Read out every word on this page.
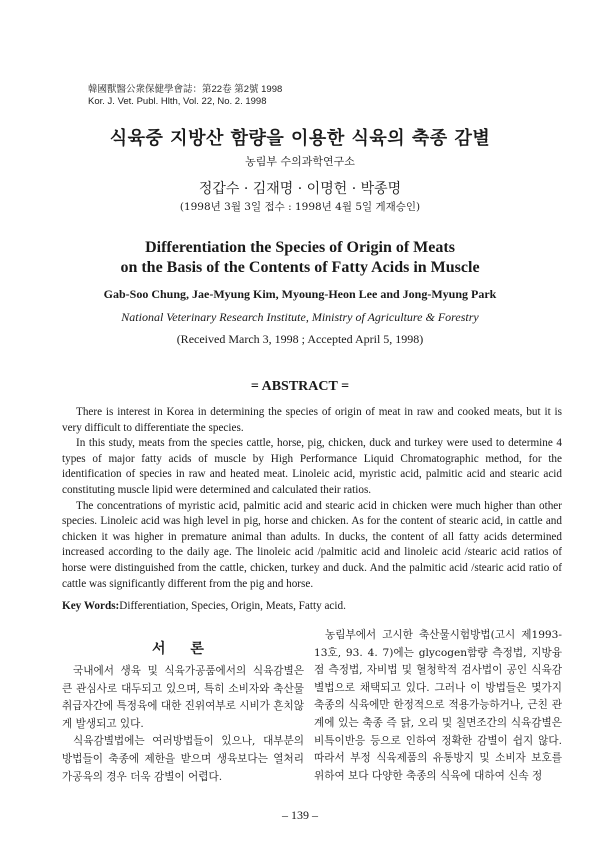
韓國獸醫公衆保健學會誌：第22卷 第2號 1998
Kor. J. Vet. Publ. Hlth, Vol. 22, No. 2. 1998
식육중 지방산 함량을 이용한 식육의 축종 감별
농림부 수의과학연구소
정갑수 · 김재명 · 이명헌 · 박종명
(1998년 3월 3일 접수 : 1998년 4월 5일 게재승인)
Differentiation the Species of Origin of Meats
on the Basis of the Contents of Fatty Acids in Muscle
Gab-Soo Chung, Jae-Myung Kim, Myoung-Heon Lee and Jong-Myung Park
National Veterinary Research Institute, Ministry of Agriculture & Forestry
(Received March 3, 1998 ; Accepted April 5, 1998)
= ABSTRACT =

There is interest in Korea in determining the species of origin of meat in raw and cooked meats, but it is very difficult to differentiate the species.

In this study, meats from the species cattle, horse, pig, chicken, duck and turkey were used to determine 4 types of major fatty acids of muscle by High Performance Liquid Chromatographic method, for the identification of species in raw and heated meat. Linoleic acid, myristic acid, palmitic acid and stearic acid constituting muscle lipid were determined and calculated their ratios.

The concentrations of myristic acid, palmitic acid and stearic acid in chicken were much higher than other species. Linoleic acid was high level in pig, horse and chicken. As for the content of stearic acid, in cattle and chicken it was higher in premature animal than adults. In ducks, the content of all fatty acids determined increased according to the daily age. The linoleic acid /palmitic acid and linoleic acid /stearic acid ratios of horse were distinguished from the cattle, chicken, turkey and duck. And the palmitic acid /stearic acid ratio of cattle was significantly different from the pig and horse.

Key Words:Differentiation, Species, Origin, Meats, Fatty acid.
서 론

국내에서 생육 및 식육가공품에서의 식육감별은 큰 관심사로 대두되고 있으며, 특히 소비자와 축산물 취급자간에 특정육에 대한 진위여부로 시비가 흔치않게 발생되고 있다.

식육감별법에는 여러방법들이 있으나, 대부분의 방법들이 축종에 제한을 받으며 생육보다는 열처리 가공육의 경우 더욱 감별이 어렵다.

농림부에서 고시한 축산물시험방법(고시 제1993-13호, 93. 4. 7)에는 glycogen함량 측정법, 지방융점 측정법, 자비법 및 혈청학적 검사법이 공인 식육감별법으로 채택되고 있다. 그러나 이 방법들은 몇가지 축종의 식육에만 한정적으로 적용가능하거나, 근친 관계에 있는 축종 즉 닭, 오리 및 칠면조간의 식육감별은 비특이반응 등으로 인하여 정확한 감별이 쉽지 않다. 따라서 부정 식육제품의 유통방지 및 소비자 보호를 위하여 보다 다양한 축종의 식육에 대하여 신속 정

– 139 –
